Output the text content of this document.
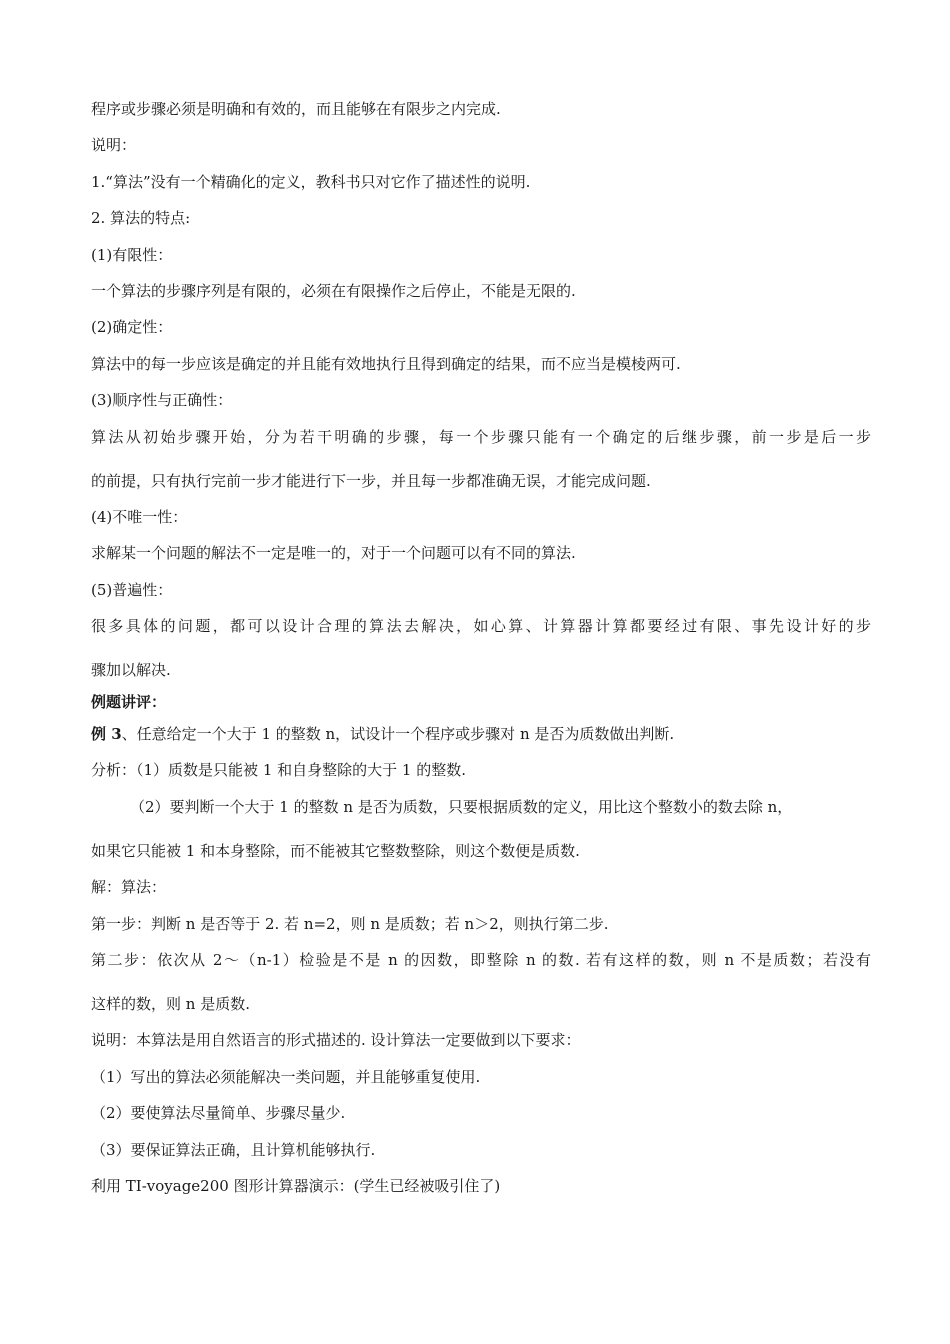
程序或步骤必须是明确和有效的，而且能够在有限步之内完成.
说明：
1.“算法”没有一个精确化的定义，教科书只对它作了描述性的说明.
2. 算法的特点:
(1)有限性：
一个算法的步骤序列是有限的，必须在有限操作之后停止，不能是无限的.
(2)确定性：
算法中的每一步应该是确定的并且能有效地执行且得到确定的结果，而不应当是模棱两可.
(3)顺序性与正确性：
算法从初始步骤开始，分为若干明确的步骤，每一个步骤只能有一个确定的后继步骤，前一步是后一步
的前提，只有执行完前一步才能进行下一步，并且每一步都准确无误，才能完成问题.
(4)不唯一性：
求解某一个问题的解法不一定是唯一的，对于一个问题可以有不同的算法.
(5)普遍性：
很多具体的问题，都可以设计合理的算法去解决，如心算、计算器计算都要经过有限、事先设计好的步
骤加以解决.
例题讲评：
例 3、任意给定一个大于 1 的整数 n，试设计一个程序或步骤对 n 是否为质数做出判断.
分析：（1）质数是只能被 1 和自身整除的大于 1 的整数.
（2）要判断一个大于 1 的整数 n 是否为质数，只要根据质数的定义，用比这个整数小的数去除 n，
如果它只能被 1 和本身整除，而不能被其它整数整除，则这个数便是质数.
解：算法：
第一步：判断 n 是否等于 2. 若 n=2，则 n 是质数；若 n＞2，则执行第二步.
第二步：依次从 2～（n-1）检验是不是 n 的因数，即整除 n 的数. 若有这样的数，则 n 不是质数；若没有
这样的数，则 n 是质数.
说明：本算法是用自然语言的形式描述的. 设计算法一定要做到以下要求：
（1）写出的算法必须能解决一类问题，并且能够重复使用.
（2）要使算法尽量简单、步骤尽量少.
（3）要保证算法正确，且计算机能够执行.
利用 TI-voyage200 图形计算器演示：(学生已经被吸引住了)
